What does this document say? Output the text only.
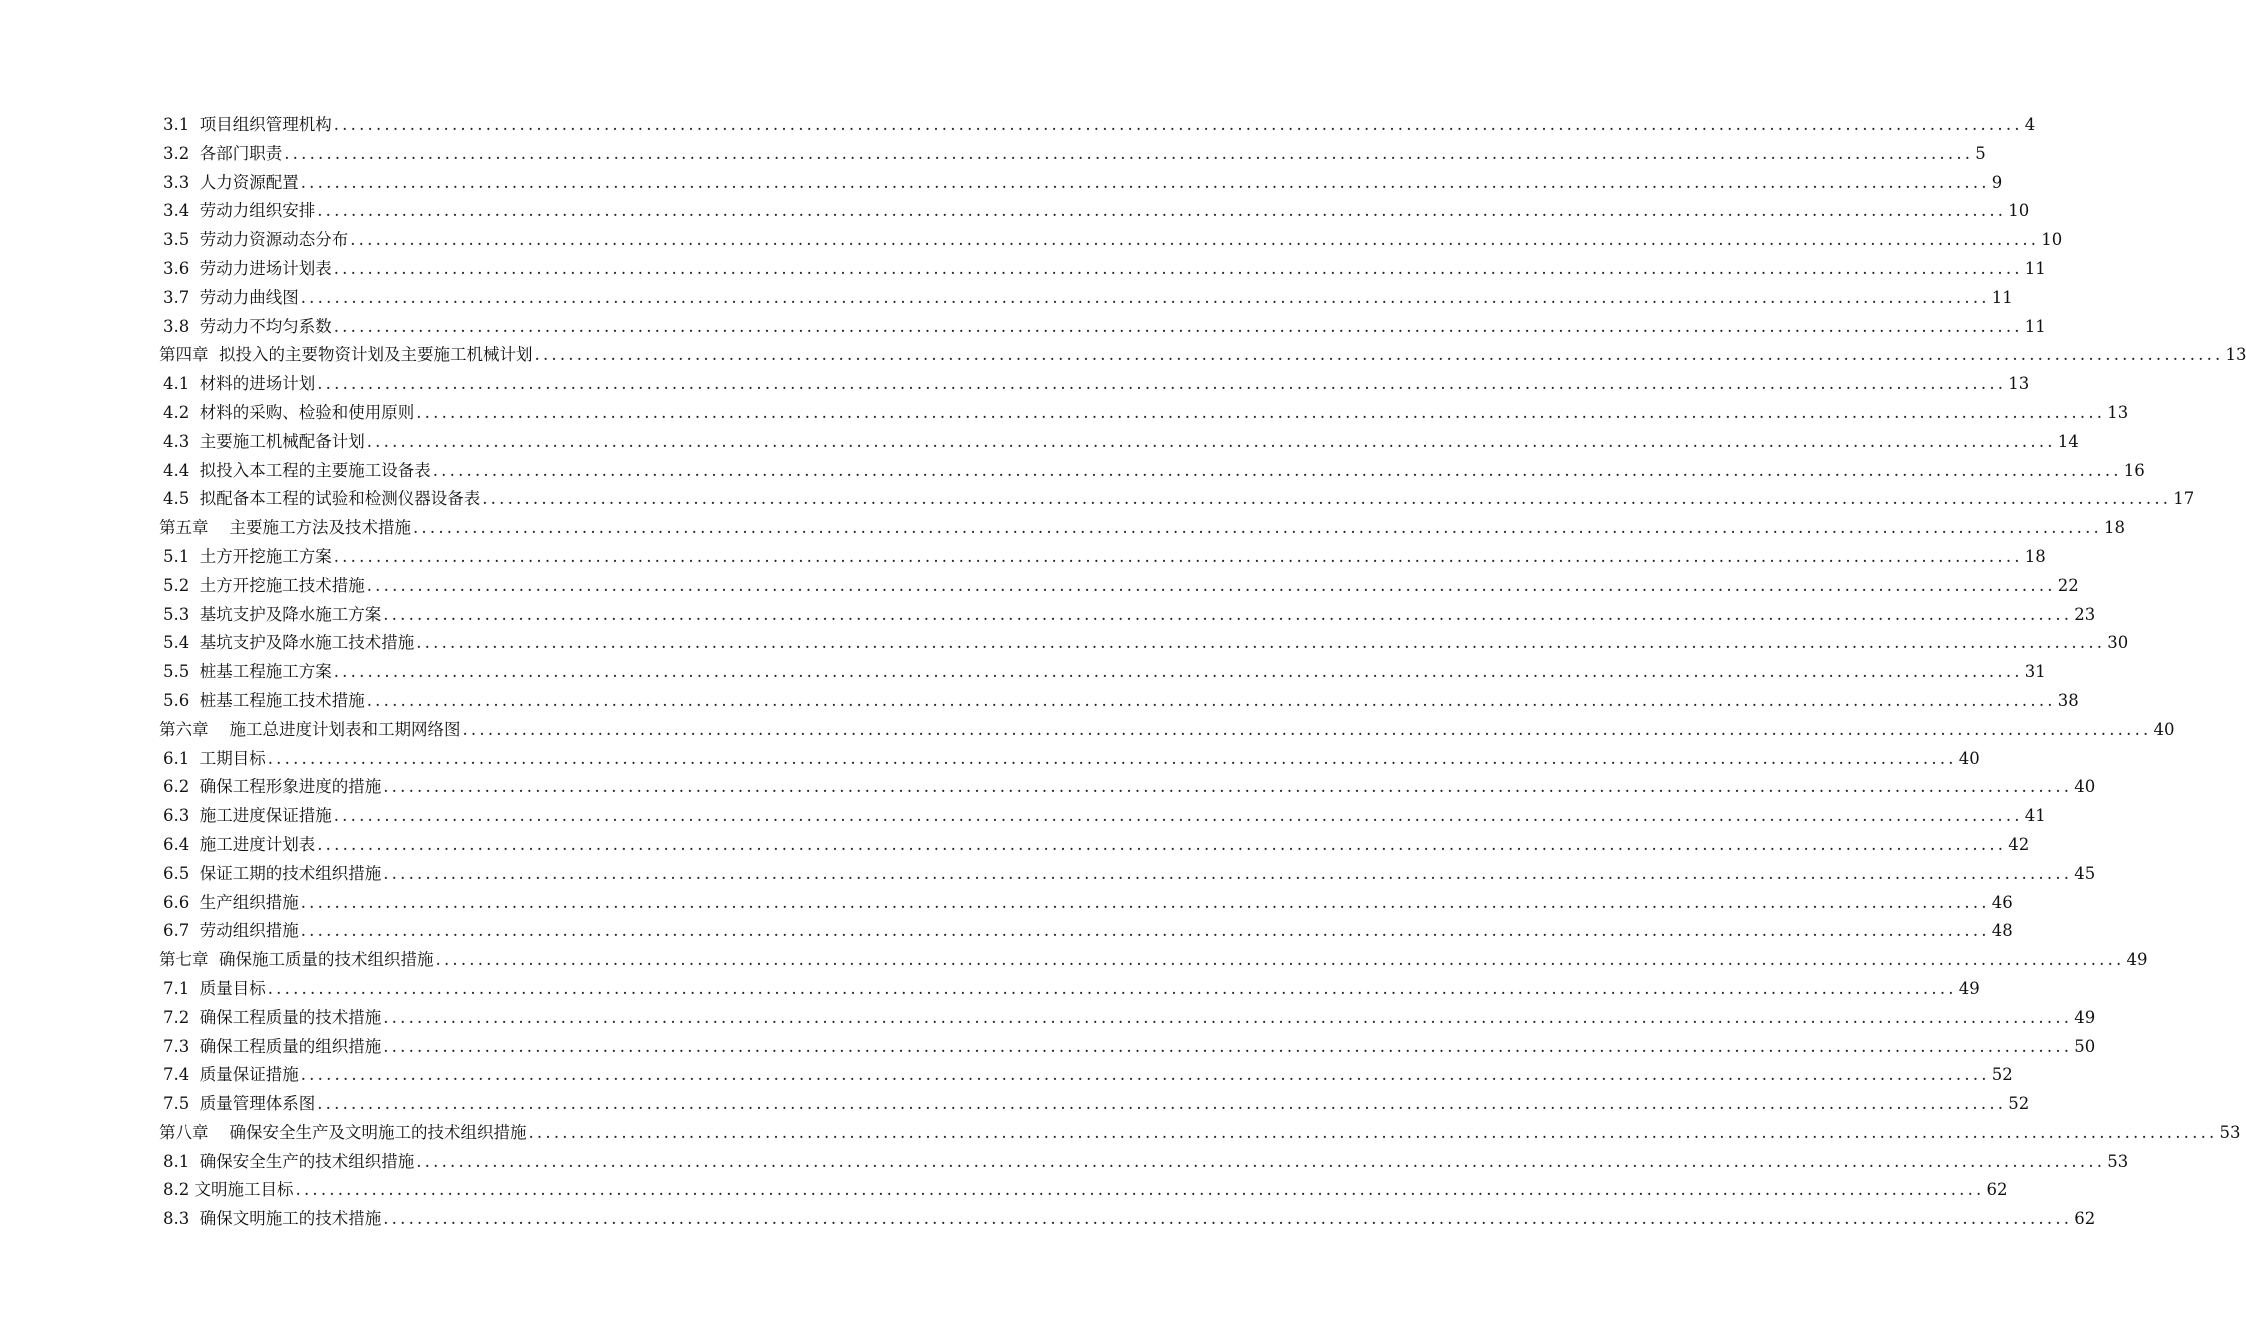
3.1  项目组织管理机构 ........................................................................................................................................................................................................ 4
3.2  各部门职责 ........................................................................................................................................................................................................ 5
3.3  人力资源配置 ........................................................................................................................................................................................................ 9
3.4  劳动力组织安排 ........................................................................................................................................................................................................ 10
3.5  劳动力资源动态分布 ........................................................................................................................................................................................................ 10
3.6  劳动力进场计划表 ........................................................................................................................................................................................................ 11
3.7  劳动力曲线图 ........................................................................................................................................................................................................ 11
3.8  劳动力不均匀系数 ........................................................................................................................................................................................................ 11
第四章  拟投入的主要物资计划及主要施工机械计划 ........................................................................................................................................................................................................ 13
4.1  材料的进场计划 ........................................................................................................................................................................................................ 13
4.2  材料的采购、检验和使用原则 ........................................................................................................................................................................................................ 13
4.3  主要施工机械配备计划 ........................................................................................................................................................................................................ 14
4.4  拟投入本工程的主要施工设备表 ........................................................................................................................................................................................................ 16
4.5  拟配备本工程的试验和检测仪器设备表 ........................................................................................................................................................................................................ 17
第五章    主要施工方法及技术措施 ........................................................................................................................................................................................................ 18
5.1  土方开挖施工方案 ........................................................................................................................................................................................................ 18
5.2  土方开挖施工技术措施 ........................................................................................................................................................................................................ 22
5.3  基坑支护及降水施工方案 ........................................................................................................................................................................................................ 23
5.4  基坑支护及降水施工技术措施 ........................................................................................................................................................................................................ 30
5.5  桩基工程施工方案 ........................................................................................................................................................................................................ 31
5.6  桩基工程施工技术措施 ........................................................................................................................................................................................................ 38
第六章    施工总进度计划表和工期网络图 ........................................................................................................................................................................................................ 40
6.1  工期目标 ........................................................................................................................................................................................................ 40
6.2  确保工程形象进度的措施 ........................................................................................................................................................................................................ 40
6.3  施工进度保证措施 ........................................................................................................................................................................................................ 41
6.4  施工进度计划表 ........................................................................................................................................................................................................ 42
6.5  保证工期的技术组织措施 ........................................................................................................................................................................................................ 45
6.6  生产组织措施 ........................................................................................................................................................................................................ 46
6.7  劳动组织措施 ........................................................................................................................................................................................................ 48
第七章  确保施工质量的技术组织措施 ........................................................................................................................................................................................................ 49
7.1  质量目标 ........................................................................................................................................................................................................ 49
7.2  确保工程质量的技术措施 ........................................................................................................................................................................................................ 49
7.3  确保工程质量的组织措施 ........................................................................................................................................................................................................ 50
7.4  质量保证措施 ........................................................................................................................................................................................................ 52
7.5  质量管理体系图 ........................................................................................................................................................................................................ 52
第八章    确保安全生产及文明施工的技术组织措施 ........................................................................................................................................................................................................ 53
8.1  确保安全生产的技术组织措施 ........................................................................................................................................................................................................ 53
8.2 文明施工目标 ........................................................................................................................................................................................................ 62
8.3  确保文明施工的技术措施 ........................................................................................................................................................................................................ 62
